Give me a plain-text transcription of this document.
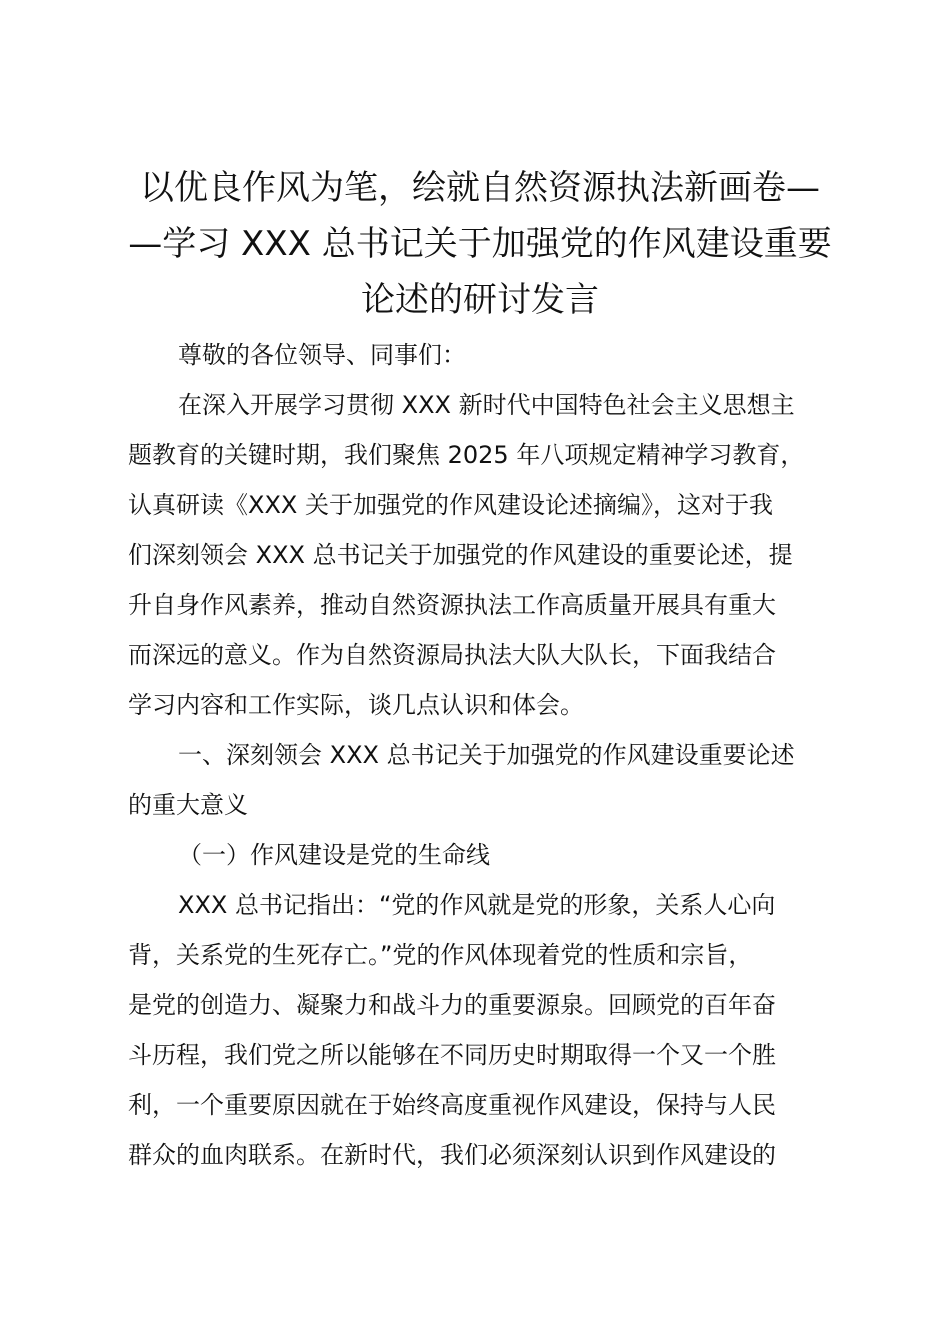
以优良作风为笔，绘就自然资源执法新画卷—
—学习 XXX 总书记关于加强党的作风建设重要
论述的研讨发言
尊敬的各位领导、同事们：
在深入开展学习贯彻 XXX 新时代中国特色社会主义思想主
题教育的关键时期，我们聚焦 2025 年八项规定精神学习教育，
认真研读《XXX 关于加强党的作风建设论述摘编》，这对于我
们深刻领会 XXX 总书记关于加强党的作风建设的重要论述，提
升自身作风素养，推动自然资源执法工作高质量开展具有重大
而深远的意义。作为自然资源局执法大队大队长，下面我结合
学习内容和工作实际，谈几点认识和体会。
一、深刻领会 XXX 总书记关于加强党的作风建设重要论述
的重大意义
（一）作风建设是党的生命线
XXX 总书记指出：“党的作风就是党的形象，关系人心向
背，关系党的生死存亡。”党的作风体现着党的性质和宗旨，
是党的创造力、凝聚力和战斗力的重要源泉。回顾党的百年奋
斗历程，我们党之所以能够在不同历史时期取得一个又一个胜
利，一个重要原因就在于始终高度重视作风建设，保持与人民
群众的血肉联系。在新时代，我们必须深刻认识到作风建设的
